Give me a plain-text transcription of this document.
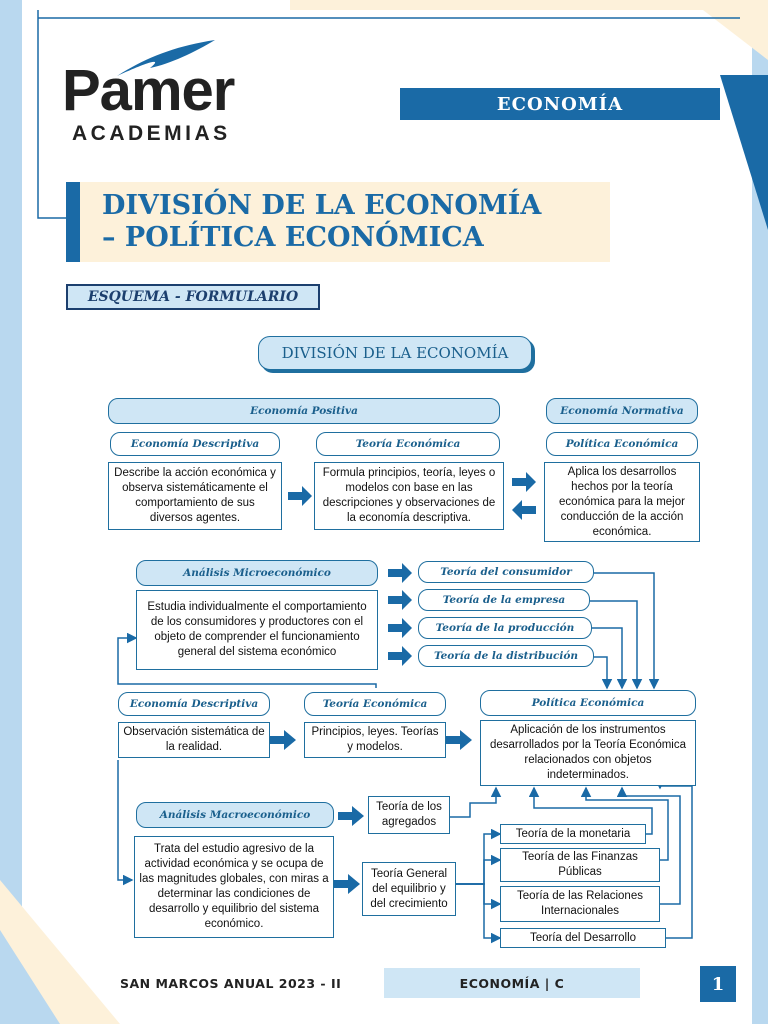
Pamer
ACADEMIAS
ECONOMÍA
DIVISIÓN DE LA ECONOMÍA
– POLÍTICA ECONÓMICA
ESQUEMA - FORMULARIO
DIVISIÓN DE LA ECONOMÍA
Economía Positiva	Economía Normativa
Economía Descriptiva	Teoría Económica	Política Económica
Describe la acción económica y observa sistemáticamente el comportamiento de sus diversos agentes.
Formula principios, teoría, leyes o modelos con base en las descripciones y observaciones de la economía descriptiva.
Aplica los desarrollos hechos por la teoría económica para la mejor conducción de la acción económica.
Análisis Microeconómico
Estudia individualmente el comportamiento de los consumidores y productores con el objeto de comprender el funcionamiento general del sistema económico
Teoría del consumidor
Teoría de la empresa
Teoría de la producción
Teoría de la distribución
Economía Descriptiva	Teoría Económica	Política Económica
Observación sistemática de la realidad.
Principios, leyes. Teorías y modelos.
Aplicación de los instrumentos desarrollados por la Teoría Económica relacionados con objetos indeterminados.
Análisis Macroeconómico
Trata del estudio agresivo de la actividad económica y se ocupa de las magnitudes globales, con miras a determinar las condiciones de desarrollo y equilibrio del sistema económico.
Teoría de los agregados
Teoría General del equilibrio y del crecimiento
Teoría de la monetaria
Teoría de las Finanzas Públicas
Teoría de las Relaciones Internacionales
Teoría del Desarrollo
SAN MARCOS ANUAL 2023 - II	ECONOMÍA | C	1
